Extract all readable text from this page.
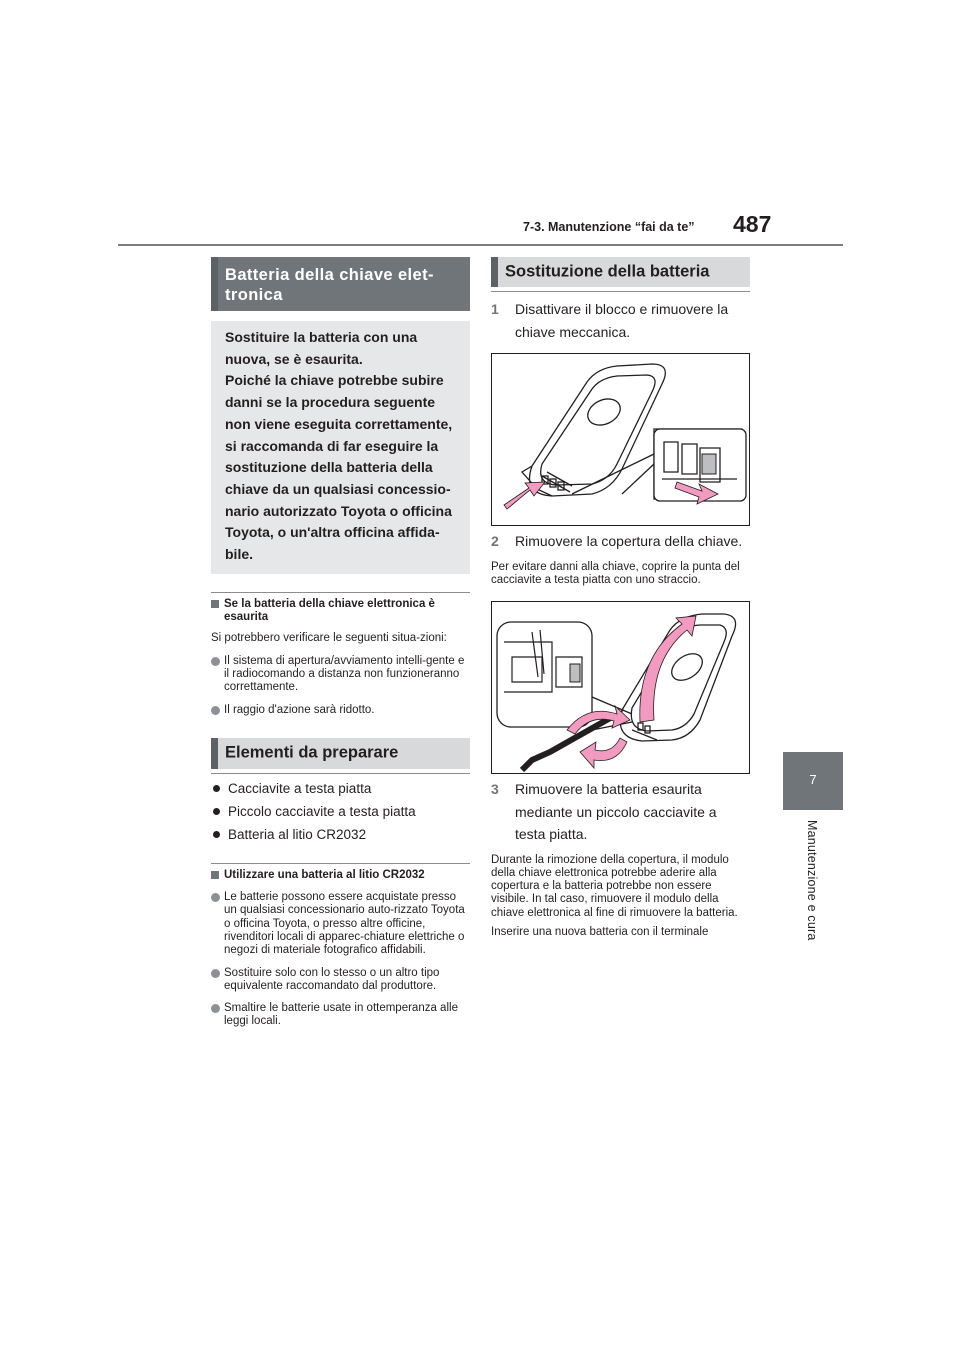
7-3. Manutenzione “fai da te” 487
7
Manutenzione e cura
Batteria della chiave elet-
tronica
Sostituire la batteria con una
nuova, se è esaurita.
Poiché la chiave potrebbe subire
danni se la procedura seguente
non viene eseguita correttamente,
si raccomanda di far eseguire la
sostituzione della batteria della
chiave da un qualsiasi concessio-
nario autorizzato Toyota o officina
Toyota, o un'altra officina affida-
bile.
Se la batteria della chiave elettronica è esaurita
Si potrebbero verificare le seguenti situa-zioni:
Il sistema di apertura/avviamento intelli-gente e il radiocomando a distanza non funzioneranno correttamente.
Il raggio d'azione sarà ridotto.
Elementi da preparare
Cacciavite a testa piatta
Piccolo cacciavite a testa piatta
Batteria al litio CR2032
Utilizzare una batteria al litio CR2032
Le batterie possono essere acquistate presso un qualsiasi concessionario auto-rizzato Toyota o officina Toyota, o presso altre officine, rivenditori locali di apparec-chiature elettriche o negozi di materiale fotografico affidabili.
Sostituire solo con lo stesso o un altro tipo equivalente raccomandato dal produttore.
Smaltire le batterie usate in ottemperanza alle leggi locali.
Sostituzione della batteria
1 Disattivare il blocco e rimuovere la chiave meccanica.
2 Rimuovere la copertura della chiave.
Per evitare danni alla chiave, coprire la punta del cacciavite a testa piatta con uno straccio.
3 Rimuovere la batteria esaurita mediante un piccolo cacciavite a testa piatta.
Durante la rimozione della copertura, il modulo della chiave elettronica potrebbe aderire alla copertura e la batteria potrebbe non essere visibile. In tal caso, rimuovere il modulo della chiave elettronica al fine di rimuovere la batteria.
Inserire una nuova batteria con il terminale
